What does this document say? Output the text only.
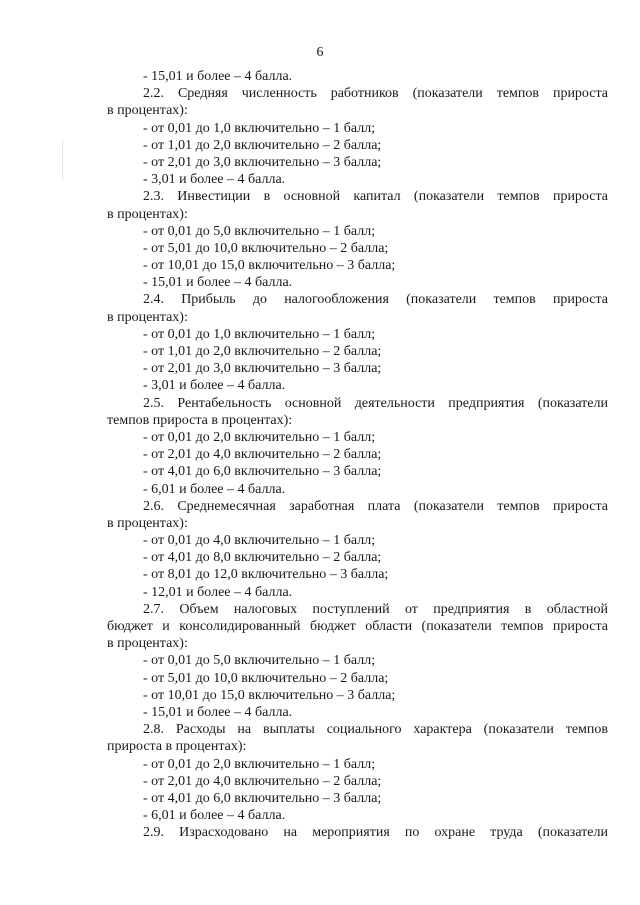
6
- 15,01 и более – 4 балла.
2.2. Средняя численность работников (показатели темпов прироста
в процентах):
- от 0,01 до 1,0 включительно – 1 балл;
- от 1,01 до 2,0 включительно – 2 балла;
- от 2,01 до 3,0 включительно – 3 балла;
- 3,01 и более – 4 балла.
2.3. Инвестиции в основной капитал (показатели темпов прироста
в процентах):
- от 0,01 до 5,0 включительно – 1 балл;
- от 5,01 до 10,0 включительно – 2 балла;
- от 10,01 до 15,0 включительно – 3 балла;
- 15,01 и более – 4 балла.
2.4. Прибыль до налогообложения (показатели темпов прироста
в процентах):
- от 0,01 до 1,0 включительно – 1 балл;
- от 1,01 до 2,0 включительно – 2 балла;
- от 2,01 до 3,0 включительно – 3 балла;
- 3,01 и более – 4 балла.
2.5. Рентабельность основной деятельности предприятия (показатели
темпов прироста в процентах):
- от 0,01 до 2,0 включительно – 1 балл;
- от 2,01 до 4,0 включительно – 2 балла;
- от 4,01 до 6,0 включительно – 3 балла;
- 6,01 и более – 4 балла.
2.6. Среднемесячная заработная плата (показатели темпов прироста
в процентах):
- от 0,01 до 4,0 включительно – 1 балл;
- от 4,01 до 8,0 включительно – 2 балла;
- от 8,01 до 12,0 включительно – 3 балла;
- 12,01 и более – 4 балла.
2.7. Объем налоговых поступлений от предприятия в областной
бюджет и консолидированный бюджет области (показатели темпов прироста
в процентах):
- от 0,01 до 5,0 включительно – 1 балл;
- от 5,01 до 10,0 включительно – 2 балла;
- от 10,01 до 15,0 включительно – 3 балла;
- 15,01 и более – 4 балла.
2.8. Расходы на выплаты социального характера (показатели темпов
прироста в процентах):
- от 0,01 до 2,0 включительно – 1 балл;
- от 2,01 до 4,0 включительно – 2 балла;
- от 4,01 до 6,0 включительно – 3 балла;
- 6,01 и более – 4 балла.
2.9. Израсходовано на мероприятия по охране труда (показатели
